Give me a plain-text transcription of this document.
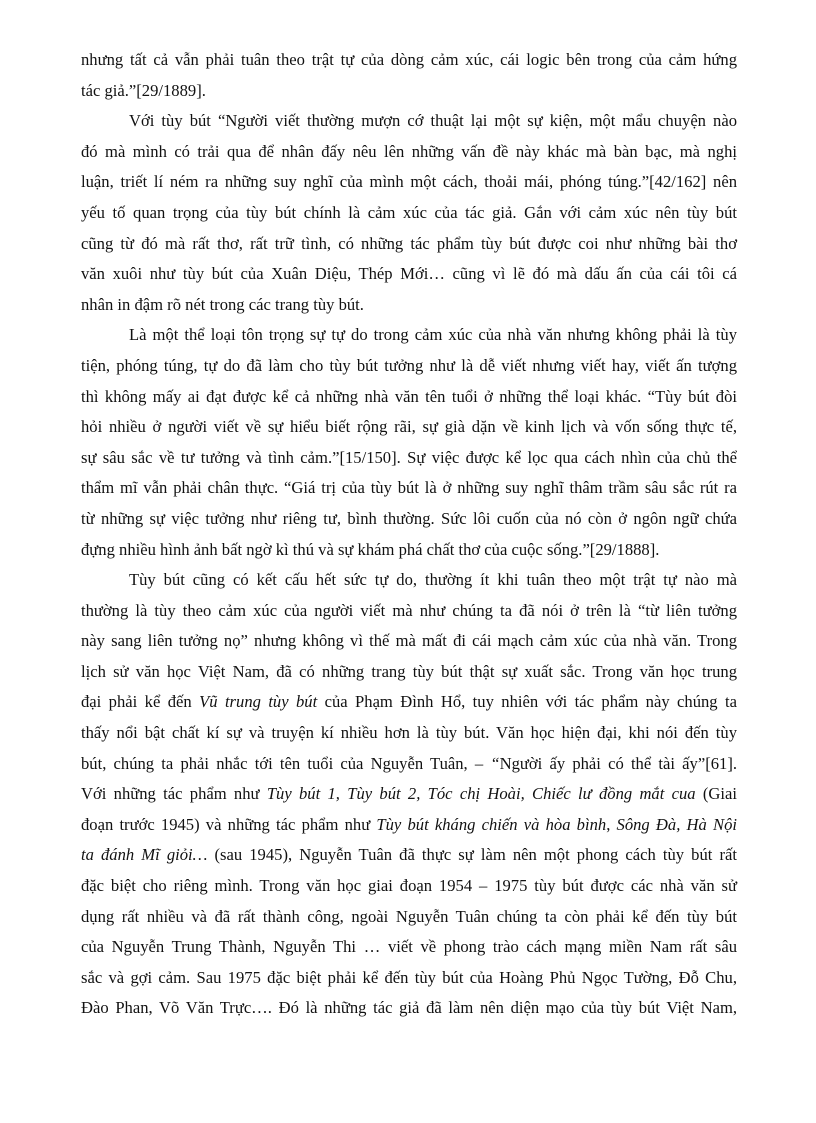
nhưng tất cả vẫn phải tuân theo trật tự của dòng cảm xúc, cái logic bên trong của cảm hứng
tác giả.”[29/1889].
Với tùy bút “Người viết thường mượn cớ thuật lại một sự kiện, một mẩu chuyện nào
đó mà mình có trải qua để nhân đấy nêu lên những vấn đề này khác mà bàn bạc, mà nghị
luận, triết lí ném ra những suy nghĩ của mình một cách, thoải mái, phóng túng.”[42/162] nên
yếu tố quan trọng của tùy bút chính là cảm xúc của tác giả. Gắn với cảm xúc nên tùy bút
cũng từ đó mà rất thơ, rất trữ tình, có những tác phẩm tùy bút được coi như những bài thơ
văn xuôi như tùy bút của Xuân Diệu, Thép Mới… cũng vì lẽ đó mà dấu ấn của cái tôi cá
nhân in đậm rõ nét trong các trang tùy bút.
Là một thể loại tôn trọng sự tự do trong cảm xúc của nhà văn nhưng không phải là tùy
tiện, phóng túng, tự do đã làm cho tùy bút tưởng như là dễ viết nhưng viết hay, viết ấn tượng
thì không mấy ai đạt được kể cả những nhà văn tên tuổi ở những thể loại khác. “Tùy bút đòi
hỏi nhiều ở người viết về sự hiểu biết rộng rãi, sự già dặn về kinh lịch và vốn sống thực tế,
sự sâu sắc về tư tưởng và tình cảm.”[15/150]. Sự việc được kể lọc qua cách nhìn của chủ thể
thẩm mĩ vẫn phải chân thực. “Giá trị của tùy bút là ở những suy nghĩ thâm trầm sâu sắc rút ra
từ những sự việc tưởng như riêng tư, bình thường. Sức lôi cuốn của nó còn ở ngôn ngữ chứa
đựng nhiều hình ảnh bất ngờ kì thú và sự khám phá chất thơ của cuộc sống.”[29/1888].
Tùy bút cũng có kết cấu hết sức tự do, thường ít khi tuân theo một trật tự nào mà
thường là tùy theo cảm xúc của người viết mà như chúng ta đã nói ở trên là “từ liên tưởng
này sang liên tưởng nọ” nhưng không vì thế mà mất đi cái mạch cảm xúc của nhà văn. Trong
lịch sử văn học Việt Nam, đã có những trang tùy bút thật sự xuất sắc. Trong văn học trung
đại phải kể đến Vũ trung tùy bút của Phạm Đình Hổ, tuy nhiên với tác phẩm này chúng ta
thấy nổi bật chất kí sự và truyện kí nhiều hơn là tùy bút. Văn học hiện đại, khi nói đến tùy
bút, chúng ta phải nhắc tới tên tuổi của Nguyễn Tuân, – “Người ấy phải có thể tài ấy”[61].
Với những tác phẩm như Tùy bút 1, Tùy bút 2, Tóc chị Hoài, Chiếc lư đồng mắt cua (Giai
đoạn trước 1945) và những tác phẩm như Tùy bút kháng chiến và hòa bình, Sông Đà, Hà Nội
ta đánh Mĩ giỏi… (sau 1945), Nguyễn Tuân đã thực sự làm nên một phong cách tùy bút rất
đặc biệt cho riêng mình. Trong văn học giai đoạn 1954 – 1975 tùy bút được các nhà văn sử
dụng rất nhiều và đã rất thành công, ngoài Nguyễn Tuân chúng ta còn phải kể đến tùy bút
của Nguyễn Trung Thành, Nguyễn Thi … viết về phong trào cách mạng miền Nam rất sâu
sắc và gợi cảm. Sau 1975 đặc biệt phải kể đến tùy bút của Hoàng Phủ Ngọc Tường, Đỗ Chu,
Đào Phan, Võ Văn Trực…. Đó là những tác giả đã làm nên diện mạo của tùy bút Việt Nam,
